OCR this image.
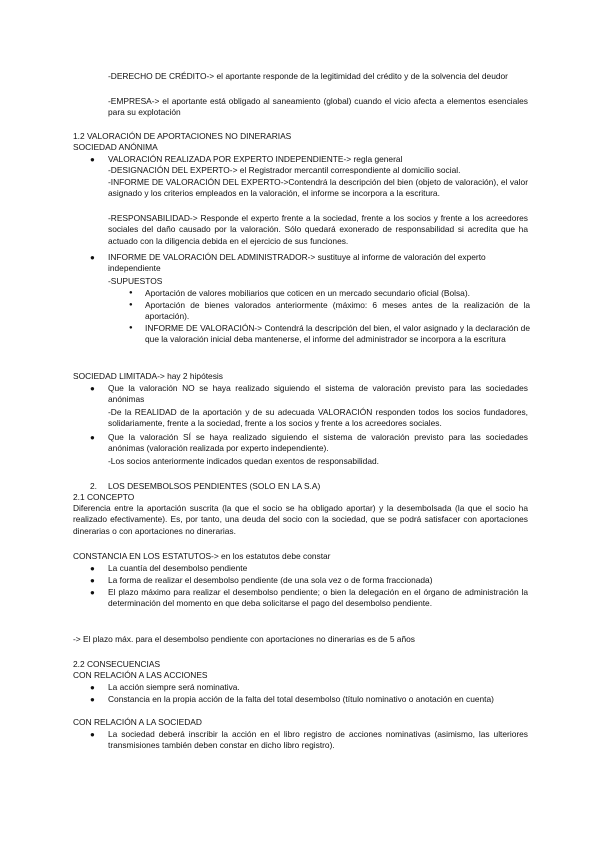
-DERECHO DE CRÉDITO-> el aportante responde de la legitimidad del crédito y de la solvencia del deudor

-EMPRESA-> el aportante está obligado al saneamiento (global) cuando el vicio afecta a elementos esenciales para su explotación

1.2 VALORACIÓN DE APORTACIONES NO DINERARIAS

SOCIEDAD ANÓNIMA

● VALORACIÓN REALIZADA POR EXPERTO INDEPENDIENTE-> regla general

-DESIGNACIÓN DEL EXPERTO-> el Registrador mercantil correspondiente al domicilio social.

-INFORME DE VALORACIÓN DEL EXPERTO->Contendrá la descripción del bien (objeto de valoración), el valor asignado y los criterios empleados en la valoración, el informe se incorpora a la escritura.

-RESPONSABILIDAD-> Responde el experto frente a la sociedad, frente a los socios y frente a los acreedores sociales del daño causado por la valoración. Sólo quedará exonerado de responsabilidad si acredita que ha actuado con la diligencia debida en el ejercicio de sus funciones.

● INFORME DE VALORACIÓN DEL ADMINISTRADOR-> sustituye al informe de valoración del experto independiente

-SUPUESTOS

● Aportación de valores mobiliarios que coticen en un mercado secundario oficial (Bolsa).

● Aportación de bienes valorados anteriormente (máximo: 6 meses antes de la realización de la aportación).

● INFORME DE VALORACIÓN-> Contendrá la descripción del bien, el valor asignado y la declaración de que la valoración inicial deba mantenerse, el informe del administrador se incorpora a la escritura

SOCIEDAD LIMITADA-> hay 2 hipótesis

● Que la valoración NO se haya realizado siguiendo el sistema de valoración previsto para las sociedades anónimas

-De la REALIDAD de la aportación y de su adecuada VALORACIÓN responden todos los socios fundadores, solidariamente, frente a la sociedad, frente a los socios y frente a los acreedores sociales.

● Que la valoración SÍ se haya realizado siguiendo el sistema de valoración previsto para las sociedades anónimas (valoración realizada por experto independiente).

-Los socios anteriormente indicados quedan exentos de responsabilidad.

2. LOS DESEMBOLSOS PENDIENTES (SOLO EN LA S.A)

2.1 CONCEPTO

Diferencia entre la aportación suscrita (la que el socio se ha obligado aportar) y la desembolsada (la que el socio ha realizado efectivamente). Es, por tanto, una deuda del socio con la sociedad, que se podrá satisfacer con aportaciones dinerarias o con aportaciones no dinerarias.

CONSTANCIA EN LOS ESTATUTOS-> en los estatutos debe constar

● La cuantía del desembolso pendiente

● La forma de realizar el desembolso pendiente (de una sola vez o de forma fraccionada)

● El plazo máximo para realizar el desembolso pendiente; o bien la delegación en el órgano de administración la determinación del momento en que deba solicitarse el pago del desembolso pendiente.

-> El plazo máx. para el desembolso pendiente con aportaciones no dinerarias es de 5 años

2.2 CONSECUENCIAS

CON RELACIÓN A LAS ACCIONES

● La acción siempre será nominativa.

● Constancia en la propia acción de la falta del total desembolso (título nominativo o anotación en cuenta)

CON RELACIÓN A LA SOCIEDAD

● La sociedad deberá inscribir la acción en el libro registro de acciones nominativas (asimismo, las ulteriores transmisiones también deben constar en dicho libro registro).
